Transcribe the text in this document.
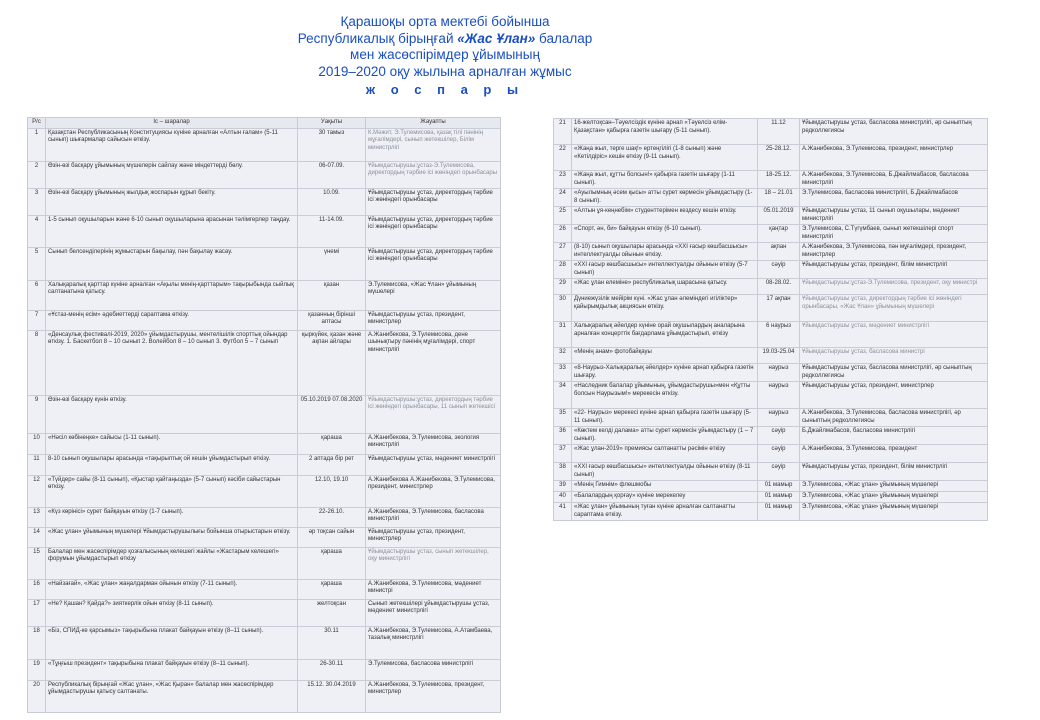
Қарашоқы орта мектебі бойынша
Республикалық бірыңғай «Жас Ұлан» балалар
мен жасөспірімдер ұйымының
2019–2020 оқу жылына арналған жұмыс
ж о с п а р ы
Р/с	Іс – шаралар	Уақыты	Жауапты
1	Қазақстан Республикасының Конституциясы күніне арналған «Алтын ғалам» (5-11 сынып) шығармалар сайысын өткізу.	30 тамыз	К.Мәжит, Э.Тулемисова, қазақ тілі пәнінің мұғалімдері, сынып жетекшілер, Білім министрлігі
2	Өзін-өзі басқару ұйымының мүшелерін сайлау және міндеттерді бөлу.	06-07.09.	Ұйымдастырушы:ұстаз-Э.Тулемисова, директордың тәрбие ісі жөніндегі орынбасары
3	Өзін-өзі басқару ұйымының жылдық жоспарын құрып бекіту.	10.09.	Ұйымдастырушы ұстаз, директордың тәрбие ісі жөніндегі орынбасары
4	1-5 сынып оқушыларын және 6-10 сынып оқушыларына арасынан тәлімгерлер таңдау.	11-14.09.	Ұйымдастырушы ұстаз, директордың тәрбие ісі жөніндегі орынбасары
5	Сынып белсенділерінің жұмыстарын бақылау, пән бақылау жасау.	үнемі	Ұйымдастырушы ұстаз, директордың тәрбие ісі жөніндегі орынбасары
6	Халықаралық қарттар күніне арналған «Ақылы менің-қарттарым» тақырыбында сыйлық салтанатына қатысу.	қазан	Э.Тулемисова, «Жас Ұлан» ұйымының мүшелері
7	«Ұстаз-менің есім» әдебиеттерді сараптама өткізу.	қазанның бірінші аптасы	Ұйымдастырушы ұстаз, президент, министрлер
8	«Денсаулық фестивалі-2019, 2020» ұйымдастырушы, ментелішілік спорттық ойындар өткізу. 1. Баскетбол 8 – 10 сынып 2. Волейбол 8 – 10 сынып 3. Футбол 5 – 7 сынып	қыркүйек, қазан және ақпан айлары	А.Жанибекова, Э.Тулемисова, дене шынықтыру пәнінің мұғалімдері, спорт министрлігі
9	Өзін-өзі басқару күнін өткізу.	05.10.2019 07.08.2020	Ұйымдастырушы:ұстаз, директордың тәрбие ісі жөніндегі орынбасары, 11 сынып жетекшісі
10	«Нәсіл көбінеңке» сайысы (1-11 сынып).	қараша	А.Жанибекова, Э.Тулемисова, экология министрлігі
11	8-10 сынып оқушылары арасында «тақырыптық ой кешін ұйымдастырып өткізу.	2 аптада бір рет	Ұйымдастырушы ұстаз, мәдениет министрлігі
12	«Түйдер» сайы (8-11 сынып), «Қыстар қайтаңызда» (5-7 сынып) кәсіби сайыстарын өткізу.	12.10, 19.10	А.Жанибекова А.Жанибекова, Э.Тулемисова, президент, министрлер
13	«Күз көрінісі» сурет байқауын өткізу (1-7 сынып).	22-26.10.	А.Жанибекова, Э.Тулемисова, басласова министрлігі
14	«Жас ұлан» ұйымының мүшелері Ұйымдастырушылығы бойынша отырыстарын өткізу.	әр тоқсан сайын	Ұйымдастырушы ұстаз, президент, министрлер
15	Балалар мен жасөспірімдер қозғалысының келешегі жайлы «Жастарым келешегі» форумын ұйымдастырып өткізу	қараша	Ұйымдастырушы ұстаз, сынып жетекшілер, оқу министрлігі
16	«Найзағай», «Жас ұлан» жаңалдарман ойынын өткізу (7-11 сынып).	қараша	А.Жанибекова, Э.Тулемисова, мәдениет министрі
17	«Не? Қашан? Қайда?» зияткерлік ойын өткізу (8-11 сынып).	желтоқсан	Сынып жетекшілері ұйымдастырушы ұстаз, мәдениет министрлігі
18	«Біз, СПИД-ке қарсымыз» тақырыбына плакат байқауын өткізу (8–11 сынып).	30.11	А.Жанибекова, Э.Тулемисова, А.Атамбаева, тазалық министрлігі
19	«Тұңғыш президент» тақырыбына плакат байқауын өткізу (8–11 сынып).	26-30.11	Э.Тулемисова, басласова министрлігі
20	Республикалық бірыңғай «Жас ұлан», «Жас Қыран» балалар мен жасөспірімдер ұйымдастырушы қатысу салтанаты.	15.12. 30.04.2019	А.Жанибекова, Э.Тулемисова, президент, министрлер
21	16-желтоқсан–Тәуелсіздік күніне арнап «Тәуелсіз елім-Қазақстан» қабырға газетін шығару (5-11 сынып).	11.12	Ұйымдастырушы ұстаз, басласова министрлігі, әр сыныптың редколлегиясы
22	«Жаңа жыл, терге шақ!» ертеңгілігі (1-8 сынып) және «Кетілдіріс» кешін өткізу (9-11 сынып).	25-28.12.	А.Жанибекова, Э.Тулемисова, президент, министрлер
23	«Жаңа жыл, құтты болсын!» қабырға газетін шығару (1-11 сынып).	18-25.12.	А.Жанибекова, Э.Тулемисова, Б.Джайлмабасов, басласова министрлігі
24	«Ауылымның әсем қысы» атты сурет көрмесін ұйымдастыру (1-8 сынып).	18 – 21.01	Э.Тулемисова, басласова министрлігі, Б.Джайлмабасов
25	«Алтын ұя-кеңнебім» студенттерімен кездесу кешін өткізу.	05.01.2019	Ұйымдастырушы ұстаз, 11 сынып оқушылары, мәдениет министрлігі
26	«Спорт, ән, би» байқауын өткізу (6-10 сынып).	қаңтар	Э.Тулемисова, С.Түгүмбаев, сынып жетекшілері спорт министрлігі
27	(8-10) сынып оқушылары арасында «XXI ғасыр көшбасшысы» интеллектуалды ойынын өткізу.	ақпан	А.Жанибекова, Э.Тулемисова, пән мұғалімдері, президент, министрлер
28	«XXI ғасыр көшбасшысы» интеллектуалды ойынын өткізу (5-7 сынып)	сәуір	Ұйымдастырушы ұстаз, президент, білім министрлігі
29	«Жас ұлан елеміне» республикалық шарасына қатысу.	08-28.02.	Ұйымдастырушы:ұстаз-Э.Тулемисова, президент, оқу министрі
30	Дүниежүзілік мейірім күні. «Жас ұлан әлеміндегі игіліктер» қайырымдылық акциясын өткізу.	17 ақпан	Ұйымдастырушы ұстаз, директордың тәрбие ісі жөніндегі орынбасары, «Жас Ұлан» ұйымының мүшелері
31	Халықаралық әйелдер күніне орай оқушылардың аналарына арналған концерттік бағдарлама ұйымдастырып, өткізу	6 наурыз	Ұйымдастырушы ұстаз, мәдениет министрлігі
32	«Менің анам» фотобайқауы	19.03-25.04	Ұйымдастырушы ұстаз, басласова министрі
33	«8-Наурыз-Халықаралық әйелдер» күніне арнап қабырға газетін шығару.	наурыз	Ұйымдастырушы ұстаз, басласова министрлігі, әр сыныптың редколлегиясы
34	«Наследник балалар ұйымының, ұйымдастырушы»мен «Құтты болсын Наурызым!» мерекесін өткізу.	наурыз	Ұйымдастырушы ұстаз, президент, министрлер
35	«22- Наурыз» мерекесі күніне арнап қабырға газетін шығару (5-11 сынып).	наурыз	А.Жанибекова, Э.Тулемисова, басласова министрлігі, әр сыныптың редколлегиясы
36	«Көктем келді далама» атты сурет көрмесін ұйымдастыру (1 – 7 сынып).	сәуір	Б.Джайлмабасов, басласова министрлігі
37	«Жас ұлан-2019» премиясы салтанатты рәсімін өткізу	сәуір	А.Жанибекова, Э.Тулемисова, президент
38	«XXI ғасыр көшбасшысы» интеллектуалды ойынын өткізу (8-11 сынып)	сәуір	Ұйымдастырушы ұстаз, президент, білім министрлігі
39	«Менің Гимнім» флешмобы	01 мамыр	Э.Тулемисова, «Жас ұлан» ұйымының мүшелері
40	«Балалардың қорғау» күніне мерекелеу	01 мамыр	Э.Тулемисова, «Жас ұлан» ұйымының мүшелері
41	«Жас ұлан» ұйымының туған күніне арналған салтанатты сараптама өткізу.	01 мамыр	Э.Тулемисова, «Жас ұлан» ұйымының мүшелері
